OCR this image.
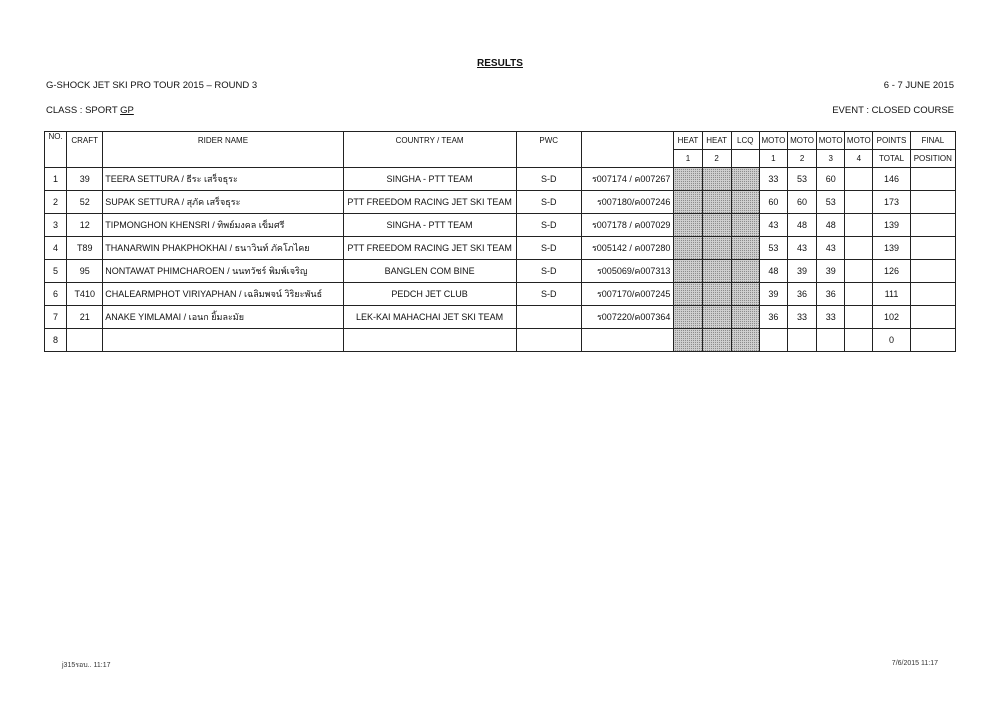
RESULTS
G-SHOCK JET SKI PRO TOUR 2015 – ROUND 3	6 - 7 JUNE 2015
CLASS : SPORT GP	EVENT : CLOSED COURSE
NO.	CRAFT	RIDER NAME	COUNTRY / TEAM	PWC		HEAT	HEAT	LCQ	MOTO	MOTO	MOTO	MOTO	POINTS	FINAL
						1	2		1	2	3	4	TOTAL	POSITION
1	39	TEERA SETTURA / ธีระ เสร็จธุระ	SINGHA - PTT TEAM	S-D	ร007174 / ค007267				33	53	60		146	
2	52	SUPAK SETTURA / สุภัค เสร็จธุระ	PTT FREEDOM RACING JET SKI TEAM	S-D	ร007180/ค007246				60	60	53		173	
3	12	TIPMONGHON KHENSRI / ทิพย์มงคล เข็มศรี	SINGHA - PTT TEAM	S-D	ร007178 / ค007029				43	48	48		139	
4	T89	THANARWIN PHAKPHOKHAI / ธนาวินท์ ภัคโภไคย	PTT FREEDOM RACING JET SKI TEAM	S-D	ร005142 / ค007280				53	43	43		139	
5	95	NONTAWAT PHIMCHAROEN / นนทวัชร์ พิมพ์เจริญ	BANGLEN COM BINE	S-D	ร005069/ค007313				48	39	39		126	
6	T410	CHALEARMPHOT VIRIYAPHAN / เฉลิมพจน์ วิริยะพันธ์	PEDCH JET CLUB	S-D	ร007170/ค007245				39	36	36		111	
7	21	ANAKE YIMLAMAI / เอนก ยิ้มละมัย	LEK-KAI MAHACHAI JET SKI TEAM		ร007220/ค007364				36	33	33		102	
8													0	
j315รอบ.. 11:17	7/6/2015 11:17
